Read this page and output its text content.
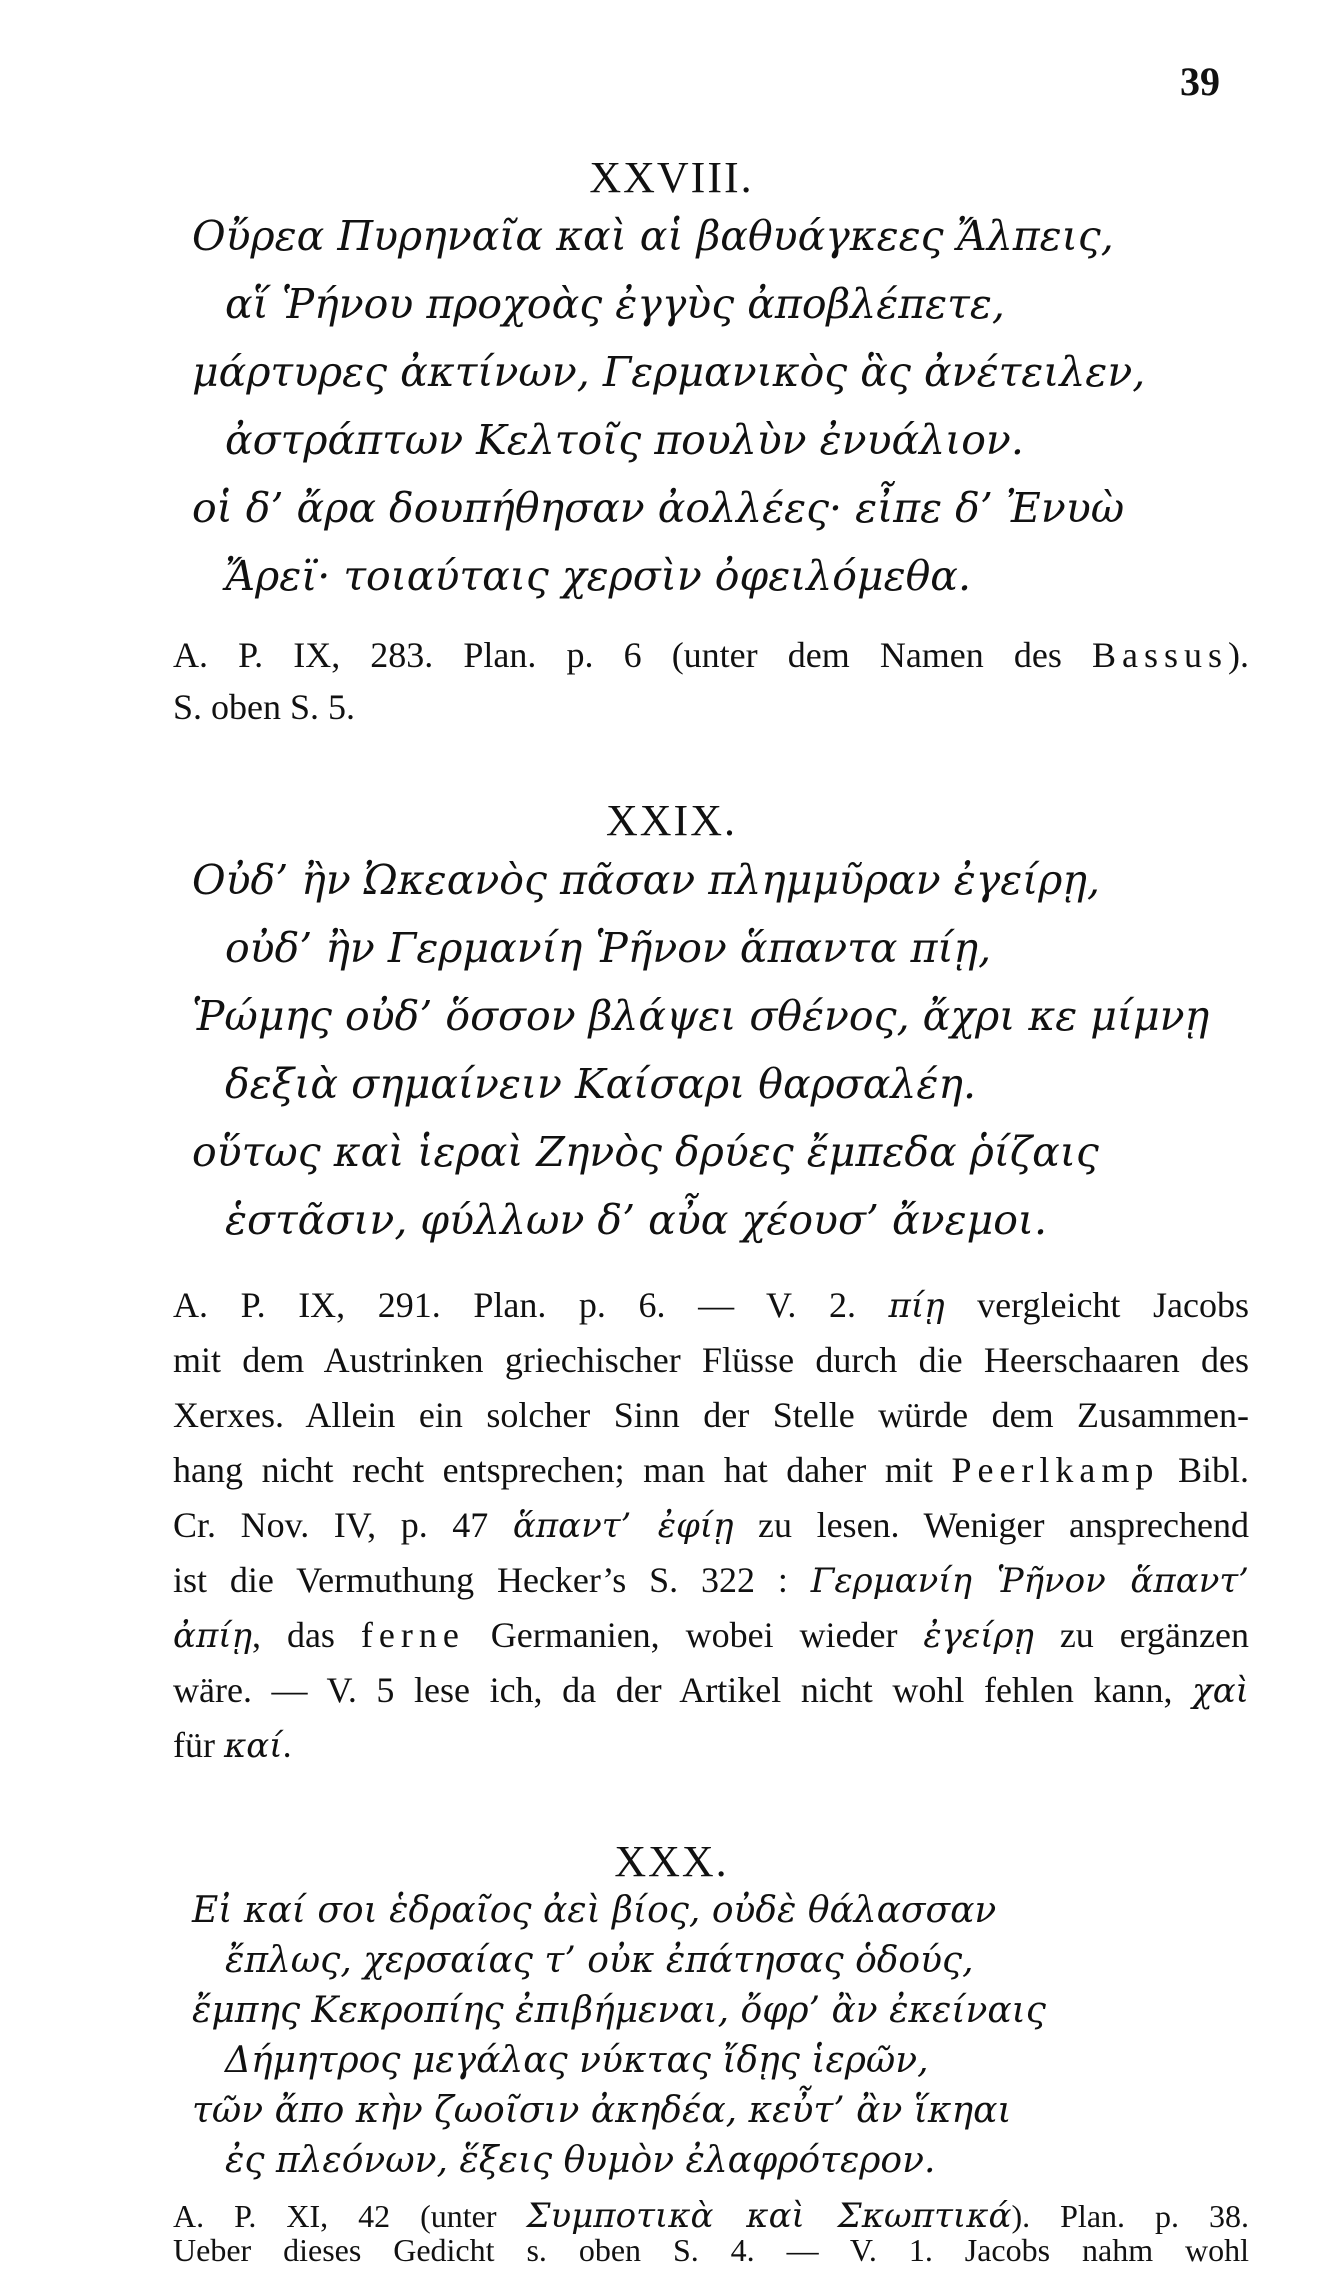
39
XXVIII.
Οὔρεα Πυρηναῖα καὶ αἱ βαθυάγκεες Ἄλπεις,
αἵ Ῥήνου προχοὰς ἐγγὺς ἀποβλέπετε,
μάρτυρες ἀκτίνων, Γερμανικὸς ἃς ἀνέτειλεν,
ἀστράπτων Κελτοῖς πουλὺν ἐνυάλιον.
οἱ δ’ ἄρα δουπήθησαν ἀολλέες· εἶπε δ’ Ἐνυὼ
Ἄρεϊ· τοιαύταις χερσὶν ὀφειλόμεθα.
A. P. IX, 283. Plan. p. 6 (unter dem Namen des Bassus).
S. oben S. 5.
XXIX.
Οὐδ’ ἢν Ὠκεανὸς πᾶσαν πλημμῦραν ἐγείρῃ,
οὐδ’ ἢν Γερμανίη Ῥῆνον ἅπαντα πίῃ,
Ῥώμης οὐδ’ ὅσσον βλάψει σθένος, ἄχρι κε μίμνῃ
δεξιὰ σημαίνειν Καίσαρι θαρσαλέη.
οὕτως καὶ ἱεραὶ Ζηνὸς δρύες ἔμπεδα ῥίζαις
ἑστᾶσιν, φύλλων δ’ αὖα χέουσ’ ἄνεμοι.
A. P. IX, 291. Plan. p. 6. — V. 2. πίῃ vergleicht Jacobs
mit dem Austrinken griechischer Flüsse durch die Heerschaaren des
Xerxes. Allein ein solcher Sinn der Stelle würde dem Zusammen-
hang nicht recht entsprechen; man hat daher mit Peerlkamp Bibl.
Cr. Nov. IV, p. 47 ἅπαντ’ ἐφίῃ zu lesen. Weniger ansprechend
ist die Vermuthung Hecker’s S. 322 : Γερμανίη Ῥῆνον ἅπαντ’
ἀπίῃ, das ferne Germanien, wobei wieder ἐγείρῃ zu ergänzen
wäre. — V. 5 lese ich, da der Artikel nicht wohl fehlen kann, χαὶ
für καί.
XXX.
Εἰ καί σοι ἑδραῖος ἀεὶ βίος, οὐδὲ θάλασσαν
ἔπλως, χερσαίας τ’ οὐκ ἐπάτησας ὁδούς,
ἔμπης Κεκροπίης ἐπιβήμεναι, ὄφρ’ ἂν ἐκείναις
Δήμητρος μεγάλας νύκτας ἴδῃς ἱερῶν,
τῶν ἄπο κὴν ζωοῖσιν ἀκηδέα, κεὖτ’ ἂν ἵκηαι
ἐς πλεόνων, ἕξεις θυμὸν ἐλαφρότερον.
A. P. XI, 42 (unter Συμποτικὰ καὶ Σκωπτικά). Plan. p. 38.
Ueber dieses Gedicht s. oben S. 4. — V. 1. Jacobs nahm wohl
